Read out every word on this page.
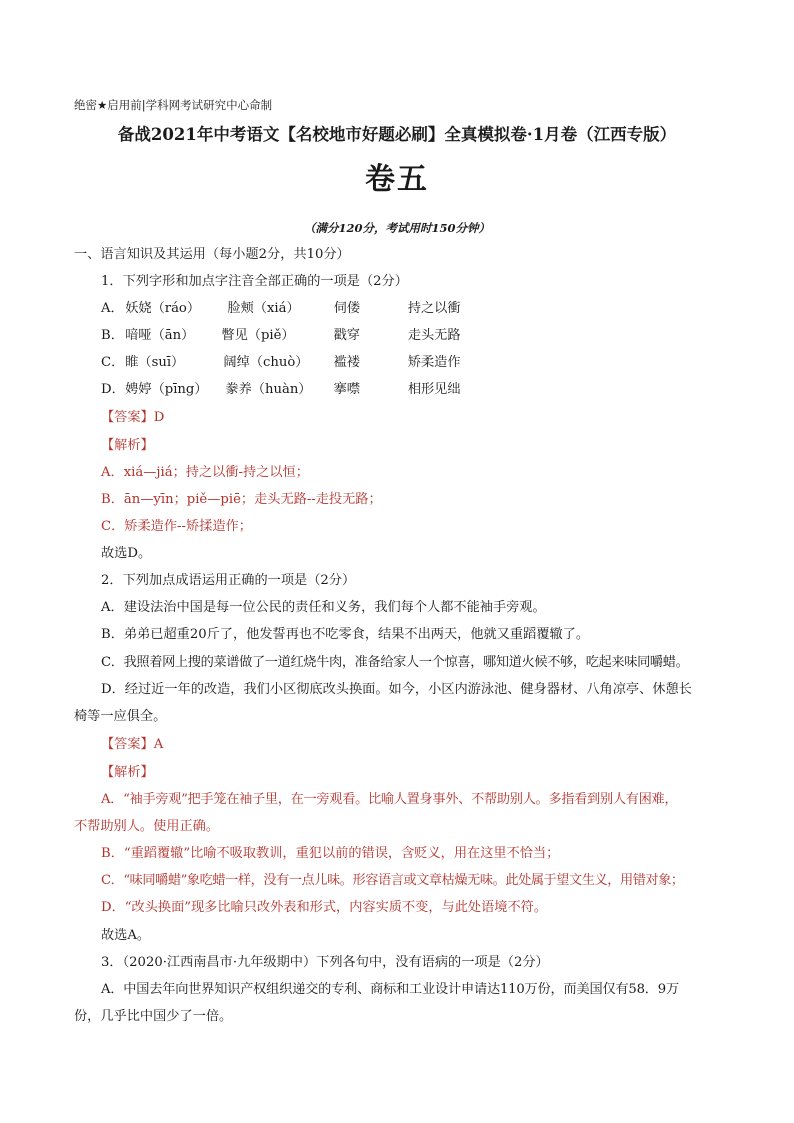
绝密★启用前|学科网考试研究中心命制
备战2021年中考语文【名校地市好题必刷】全真模拟卷·1月卷（江西专版）
卷五
（满分120分，考试用时150分钟）
一、语言知识及其运用（每小题2分，共10分）
1．下列字形和加点字注音全部正确的一项是（2分）
A． 妖娆（ráo） 脸颊（xiá）	伺偻	持之以衝
B． 喑哑（ān） 瞥见（piě）	戳穿	走头无路
C． 睢（suī）	阔绰（chuò） 褴褛	矫柔造作
D． 娉婷（pīng） 豢养（huàn） 搴噤	相形见绌
【答案】D
【解析】
A．xiá—jiá；持之以衝-持之以恒；
B．ān—yīn；piě—piē；走头无路--走投无路；
C．矫柔造作--矫揉造作；
故选D。
2．下列加点成语运用正确的一项是（2分）
A．建设法治中国是每一位公民的责任和义务，我们每个人都不能袖手旁观。
B．弟弟已超重20斤了，他发誓再也不吃零食，结果不出两天，他就又重蹈覆辙了。
C．我照着网上搜的菜谱做了一道红烧牛肉，准备给家人一个惊喜，哪知道火候不够，吃起来味同嚼蜡。
D．经过近一年的改造，我们小区彻底改头换面。如今，小区内游泳池、健身器材、八角凉亭、休憩长
椅等一应俱全。
【答案】A
【解析】
A．“袖手旁观”把手笼在袖子里，在一旁观看。比喻人置身事外、不帮助别人。多指看到别人有困难，
不帮助别人。使用正确。
B．“重蹈覆辙”比喻不吸取教训，重犯以前的错误，含贬义，用在这里不恰当；
C．“味同嚼蜡”象吃蜡一样，没有一点儿味。形容语言或文章枯燥无味。此处属于望文生义，用错对象；
D．“改头换面”现多比喻只改外表和形式，内容实质不变，与此处语境不符。
故选A。
3．（2020·江西南昌市·九年级期中）下列各句中，没有语病的一项是（2分）
A．中国去年向世界知识产权组织递交的专利、商标和工业设计申请达110万份，而美国仅有58．9万
份，几乎比中国少了一倍。
